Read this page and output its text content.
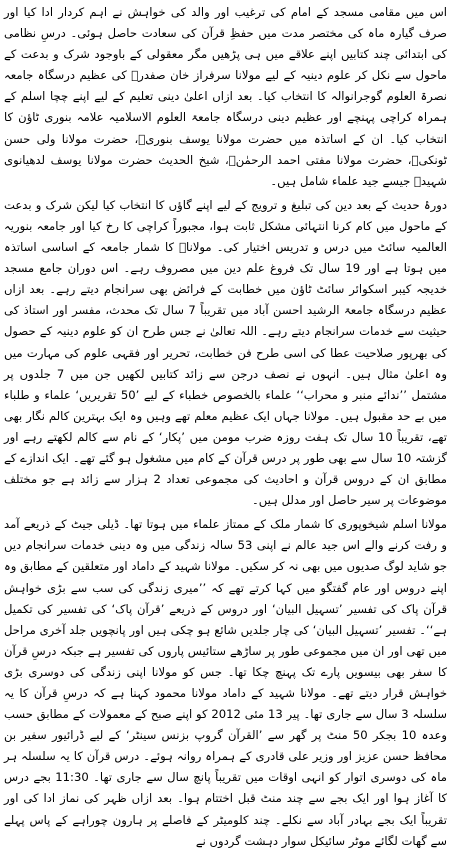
اس میں مقامی مسجد کے امام کی ترغیب اور والد کی خواہش نے اہم کردار ادا کیا اور صرف گیارہ ماہ کی مختصر مدت میں حفظِ قرآن کی سعادت حاصل ہوئی۔ درسِ نظامی کی ابتدائی چند کتابیں اپنے علاقے میں ہی پڑھیں مگر معقولی کے باوجود شرک و بدعت کے ماحول سے نکل کر علوم دینیہ کے لیے مولانا سرفراز خان صفدرؒ کی عظیم درسگاہ جامعہ نصرۃ العلوم گوجرانوالہ کا انتخاب کیا۔ بعد ازاں اعلیٰ دینی تعلیم کے لیے اپنے چچا اسلم کے ہمراہ کراچی پہنچے اور عظیم دینی درسگاہ جامعۃ العلوم الاسلامیہ علامہ بنوری ٹاؤن کا انتخاب کیا۔ ان کے اساتذہ میں حضرت مولانا یوسف بنوریؒ، حضرت مولانا ولی حسن ٹونکیؒ، حضرت مولانا مفتی احمد الرحمٰنؒ، شیخ الحدیث حضرت مولانا یوسف لدھیانوی شہیدؒ جیسے جید علماء شامل ہیں۔

دورۂ حدیث کے بعد دین کی تبلیغ و ترویج کے لیے اپنے گاؤں کا انتخاب کیا لیکن شرک و بدعت کے ماحول میں کام کرنا انتہائی مشکل ثابت ہوا، مجبوراً کراچی کا رخ کیا اور جامعہ بنوریہ العالمیہ سائٹ میں درس و تدریس اختیار کی۔ مولاناؒ کا شمار جامعہ کے اساسی اساتذہ میں ہوتا ہے اور 19 سال تک فروغ علم دین میں مصروف رہے۔ اس دوران جامع مسجد خدیجہ کیبر اسکوائر سائٹ ٹاؤن میں خطابت کے فرائض بھی سرانجام دیتے رہے۔ بعد ازاں عظیم درسگاہ جامعۃ الرشید احسن آباد میں تقریباً 7 سال تک محدث، مفسر اور استاذ کی حیثیت سے خدمات سرانجام دیتے رہے۔ اللہ تعالیٰ نے جس طرح ان کو علوم دینیہ کے حصول کی بھرپور صلاحیت عطا کی اسی طرح فن خطابت، تحریر اور فقہی علوم کی مہارت میں وہ اعلیٰ مثال ہیں۔ انہوں نے نصف درجن سے زائد کتابیں لکھیں جن میں 7 جلدوں پر مشتمل ’’ندائے منبر و محراب‘‘ علماء بالخصوص خطباء کے لیے ’50 تقریریں‘ علماء و طلباء میں بے حد مقبول ہیں۔ مولانا جہاں ایک عظیم معلم تھے وہیں وہ ایک بہترین کالم نگار بھی تھے، تقریباً 10 سال تک ہفت روزہ ضرب مومن میں ’پکار‘ کے نام سے کالم لکھتے رہے اور گزشتہ 10 سال سے بھی طور پر درس قرآن کے کام میں مشغول ہو گئے تھے۔ ایک اندازے کے مطابق ان کے دروس قرآن و احادیث کی مجموعی تعداد 2 ہزار سے زائد ہے جو مختلف موضوعات پر سیر حاصل اور مدلل ہیں۔

مولانا اسلم شیخوپوری کا شمار ملک کے ممتاز علماء میں ہوتا تھا۔ ڈیلی جیٹ کے ذریعے آمد و رفت کرنے والے اس جید عالم نے اپنی 53 سالہ زندگی میں وہ دینی خدمات سرانجام دیں جو شاید لوگ صدیوں میں بھی نہ کر سکیں۔ مولانا شہید کے داماد اور متعلقین کے مطابق وہ اپنے دروس اور عام گفتگو میں کہا کرتے تھے کہ ’’میری زندگی کی سب سے بڑی خواہش قرآن پاک کی تفسیر ’تسہیل البیان‘ اور دروس کے ذریعے ’قرآن پاک‘ کی تفسیر کی تکمیل ہے‘‘۔ تفسیر ’تسہیل البیان‘ کی چار جلدیں شائع ہو چکی ہیں اور پانچویں جلد آخری مراحل میں تھی اور ان میں مجموعی طور پر ساڑھے ستائیس پاروں کی تفسیر ہے جبکہ درسِ قرآن کا سفر بھی بیسویں پارے تک پہنچ چکا تھا۔ جس کو مولانا اپنی زندگی کی دوسری بڑی خواہش قرار دیتے تھے۔ مولانا شہید کے داماد مولانا محمود کہنا ہے کہ درسِ قرآن کا یہ سلسلہ 3 سال سے جاری تھا۔ پیر 13 مئی 2012 کو اپنے صبح کے معمولات کے مطابق حسب وعدہ 10 بجکر 50 منٹ پر گھر سے ’القرآن گروپ بزنس سینٹر‘ کے لیے ڈرائیور سفیر بن محافظ حسن عزیز اور وزیر علی قادری کے ہمراہ روانہ ہوئے۔ درس قرآن کا یہ سلسلہ ہر ماہ کی دوسری اتوار کو انہی اوقات میں تقریباً پانچ سال سے جاری تھا۔ 11:30 بجے درس کا آغاز ہوا اور ایک بجے سے چند منٹ قبل اختتام ہوا۔ بعد ازاں ظہر کی نماز ادا کی اور تقریباً ایک بجے بہادر آباد سے نکلے۔ چند کلومیٹر کے فاصلے پر ہارون چوراہے کے پاس پہلے سے گھات لگائے موٹر سائیکل سوار دہشت گردوں نے
